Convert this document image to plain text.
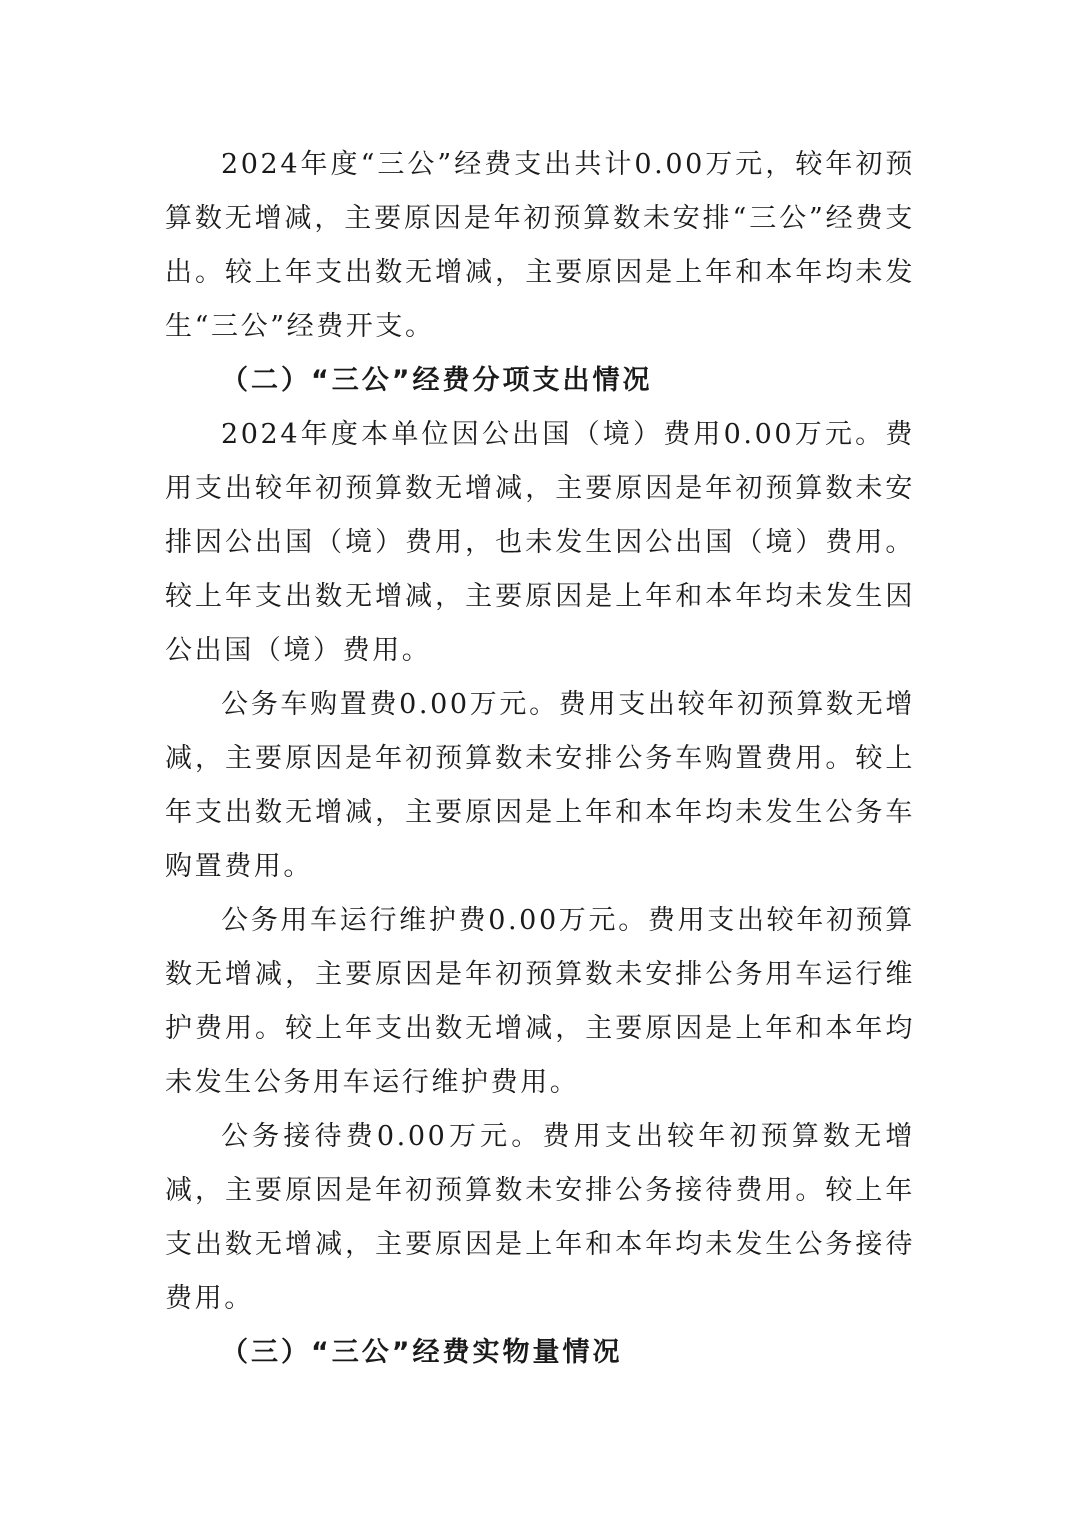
2024年度“三公”经费支出共计0.00万元，较年初预算数无增减，主要原因是年初预算数未安排“三公”经费支出。较上年支出数无增减，主要原因是上年和本年均未发生“三公”经费开支。

（二）“三公”经费分项支出情况

2024年度本单位因公出国（境）费用0.00万元。费用支出较年初预算数无增减，主要原因是年初预算数未安排因公出国（境）费用，也未发生因公出国（境）费用。较上年支出数无增减，主要原因是上年和本年均未发生因公出国（境）费用。

公务车购置费0.00万元。费用支出较年初预算数无增减，主要原因是年初预算数未安排公务车购置费用。较上年支出数无增减，主要原因是上年和本年均未发生公务车购置费用。

公务用车运行维护费0.00万元。费用支出较年初预算数无增减，主要原因是年初预算数未安排公务用车运行维护费用。较上年支出数无增减，主要原因是上年和本年均未发生公务用车运行维护费用。

公务接待费0.00万元。费用支出较年初预算数无增减，主要原因是年初预算数未安排公务接待费用。较上年支出数无增减，主要原因是上年和本年均未发生公务接待费用。

（三）“三公”经费实物量情况
